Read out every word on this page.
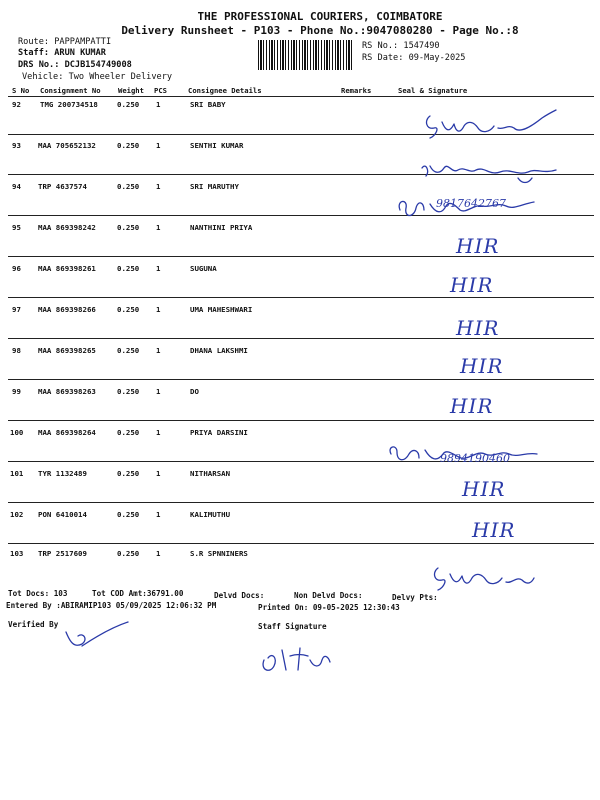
THE PROFESSIONAL COURIERS, COIMBATORE
Delivery Runsheet - P103 - Phone No.:9047080280 - Page No.:8
Route: PAPPAMPATTI
Staff: ARUN KUMAR
DRS No.: DCJB154749008
Vehicle: Two Wheeler Delivery
RS No.: 1547490
RS Date: 09-May-2025
S No Consignment No Weight PCS	Consignee Details	Remarks	Seal & Signature
92	TMG 200734518	0.250 1	SRI BABY
93 MAA 705652132	0.250 1	SENTHI KUMAR
94 TRP 4637574	0.250 1	SRI MARUTHY
95 MAA 869398242	0.250 1	NANTHINI PRIYA
96 MAA 869398261	0.250 1	SUGUNA
97 MAA 869398266	0.250 1	UMA MAHESHWARI
98 MAA 869398265	0.250 1	DHANA LAKSHMI
99 MAA 869398263	0.250 1	DO
100 MAA 869398264	0.250 1	PRIYA DARSINI
101 TYR 1132489	0.250 1	NITHARSAN
102 PON 6410014	0.250 1	KALIMUTHU
103 TRP 2517609	0.250 1	S.R SPNNINERS
HIR
HIR
HIR
HIR
HIR
HIR
HIR
9817642767
9894190460
Tot Docs: 103	Tot COD Amt:36791.00	Delvd Docs:	Non Delvd Docs:	Delvy Pts:
Entered By :ABIRAMIP103 05/09/2025 12:06:32 PM	Printed On: 09-05-2025 12:30:43
Verified By	Staff Signature
